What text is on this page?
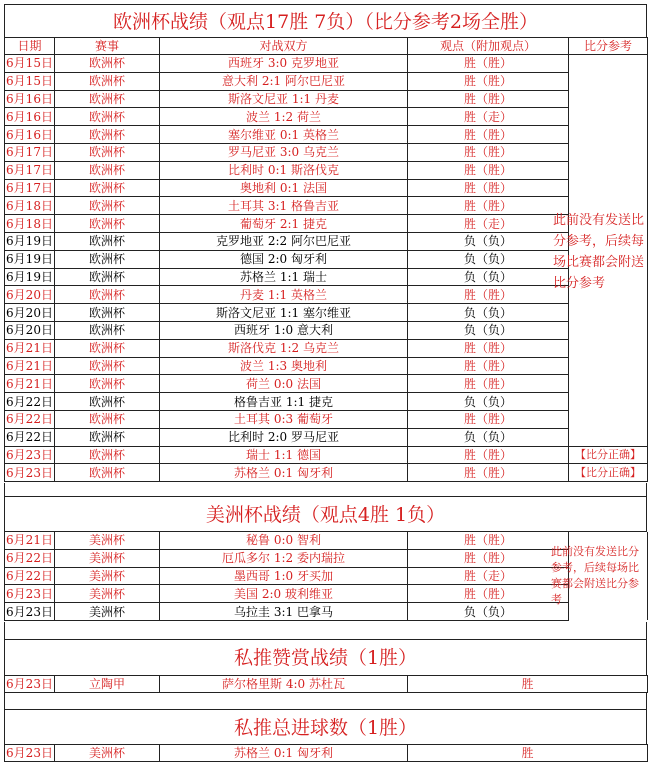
欧洲杯战绩（观点17胜 7负）（比分参考2场全胜）
日期	赛事	对战双方	观点（附加观点）	比分参考
6月15日	欧洲杯	西班牙 3:0 克罗地亚	胜（胜）	
6月15日	欧洲杯	意大利 2:1 阿尔巴尼亚	胜（胜）	
6月16日	欧洲杯	斯洛文尼亚 1:1 丹麦	胜（胜）	
6月16日	欧洲杯	波兰 1:2 荷兰	胜（走）	
6月16日	欧洲杯	塞尔维亚 0:1 英格兰	胜（胜）	
6月17日	欧洲杯	罗马尼亚 3:0 乌克兰	胜（胜）	
6月17日	欧洲杯	比利时 0:1 斯洛伐克	胜（胜）	
6月17日	欧洲杯	奥地利 0:1 法国	胜（胜）	
6月18日	欧洲杯	土耳其 3:1 格鲁吉亚	胜（胜）	
6月18日	欧洲杯	葡萄牙 2:1 捷克	胜（走）	
6月19日	欧洲杯	克罗地亚 2:2 阿尔巴尼亚	负（负）	
6月19日	欧洲杯	德国 2:0 匈牙利	负（负）	
6月19日	欧洲杯	苏格兰 1:1 瑞士	负（负）	
6月20日	欧洲杯	丹麦 1:1 英格兰	胜（胜）	
6月20日	欧洲杯	斯洛文尼亚 1:1 塞尔维亚	负（负）	
6月20日	欧洲杯	西班牙 1:0 意大利	负（负）	
6月21日	欧洲杯	斯洛伐克 1:2 乌克兰	胜（胜）	
6月21日	欧洲杯	波兰 1:3 奥地利	胜（胜）	
6月21日	欧洲杯	荷兰 0:0 法国	胜（胜）	
6月22日	欧洲杯	格鲁吉亚 1:1 捷克	负（负）	
6月22日	欧洲杯	土耳其 0:3 葡萄牙	胜（胜）	
6月22日	欧洲杯	比利时 2:0 罗马尼亚	负（负）	
6月23日	欧洲杯	瑞士 1:1 德国	胜（胜）	【比分正确】
6月23日	欧洲杯	苏格兰 0:1 匈牙利	胜（胜）	【比分正确】
此前没有发送比分参考，后续每场比赛都会附送比分参考
美洲杯战绩（观点4胜 1负）
6月21日	美洲杯	秘鲁 0:0 智利	胜（胜）	
6月22日	美洲杯	厄瓜多尔 1:2 委内瑞拉	胜（胜）	
6月22日	美洲杯	墨西哥 1:0 牙买加	胜（走）	
6月23日	美洲杯	美国 2:0 玻利维亚	胜（胜）	
6月23日	美洲杯	乌拉圭 3:1 巴拿马	负（负）	
此前没有发送比分参考，后续每场比赛都会附送比分参考
私推赞赏战绩（1胜）
6月23日	立陶甲	萨尔格里斯 4:0 苏杜瓦	胜
私推总进球数（1胜）
6月23日	美洲杯	苏格兰 0:1 匈牙利	胜
